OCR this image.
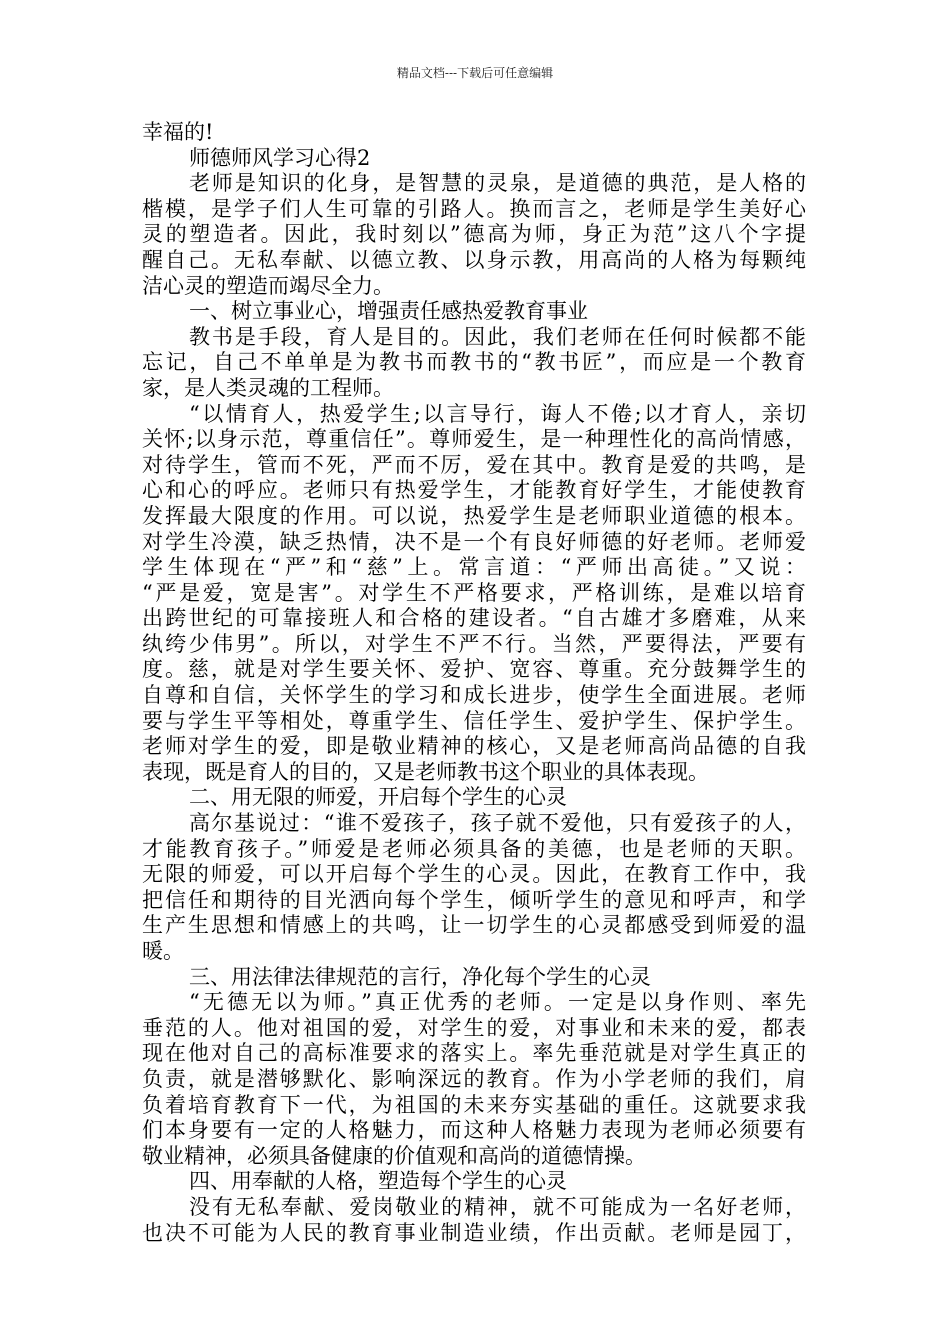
精品文档---下载后可任意编辑
幸福的!
师德师风学习心得2
老师是知识的化身，是智慧的灵泉，是道德的典范，是人格的
楷模，是学子们人生可靠的引路人。换而言之，老师是学生美好心
灵的塑造者。因此，我时刻以”德高为师，身正为范”这八个字提
醒自己。无私奉献、以德立教、以身示教，用高尚的人格为每颗纯
洁心灵的塑造而竭尽全力。
一、树立事业心，增强责任感热爱教育事业
教书是手段，育人是目的。因此，我们老师在任何时候都不能
忘记，自己不单单是为教书而教书的“教书匠”，而应是一个教育
家，是人类灵魂的工程师。
“以情育人，热爱学生;以言导行，诲人不倦;以才育人，亲切
关怀;以身示范，尊重信任”。尊师爱生，是一种理性化的高尚情感，
对待学生，管而不死，严而不厉，爱在其中。教育是爱的共鸣，是
心和心的呼应。老师只有热爱学生，才能教育好学生，才能使教育
发挥最大限度的作用。可以说，热爱学生是老师职业道德的根本。
对学生冷漠，缺乏热情，决不是一个有良好师德的好老师。老师爱
学生体现在“严”和“慈”上。常言道：“严师出高徒。”又说：
“严是爱，宽是害”。对学生不严格要求，严格训练，是难以培育
出跨世纪的可靠接班人和合格的建设者。“自古雄才多磨难，从来
纨绔少伟男”。所以，对学生不严不行。当然，严要得法，严要有
度。慈，就是对学生要关怀、爱护、宽容、尊重。充分鼓舞学生的
自尊和自信，关怀学生的学习和成长进步，使学生全面进展。老师
要与学生平等相处，尊重学生、信任学生、爱护学生、保护学生。
老师对学生的爱，即是敬业精神的核心，又是老师高尚品德的自我
表现，既是育人的目的，又是老师教书这个职业的具体表现。
二、用无限的师爱，开启每个学生的心灵
高尔基说过：“谁不爱孩子，孩子就不爱他，只有爱孩子的人，
才能教育孩子。”师爱是老师必须具备的美德，也是老师的天职。
无限的师爱，可以开启每个学生的心灵。因此，在教育工作中，我
把信任和期待的目光洒向每个学生，倾听学生的意见和呼声，和学
生产生思想和情感上的共鸣，让一切学生的心灵都感受到师爱的温
暖。
三、用法律法律规范的言行，净化每个学生的心灵
“无德无以为师。”真正优秀的老师。一定是以身作则、率先
垂范的人。他对祖国的爱，对学生的爱，对事业和未来的爱，都表
现在他对自己的高标准要求的落实上。率先垂范就是对学生真正的
负责，就是潜够默化、影响深远的教育。作为小学老师的我们，肩
负着培育教育下一代，为祖国的未来夯实基础的重任。这就要求我
们本身要有一定的人格魅力，而这种人格魅力表现为老师必须要有
敬业精神，必须具备健康的价值观和高尚的道德情操。
四、用奉献的人格，塑造每个学生的心灵
没有无私奉献、爱岗敬业的精神，就不可能成为一名好老师，
也决不可能为人民的教育事业制造业绩，作出贡献。老师是园丁，
